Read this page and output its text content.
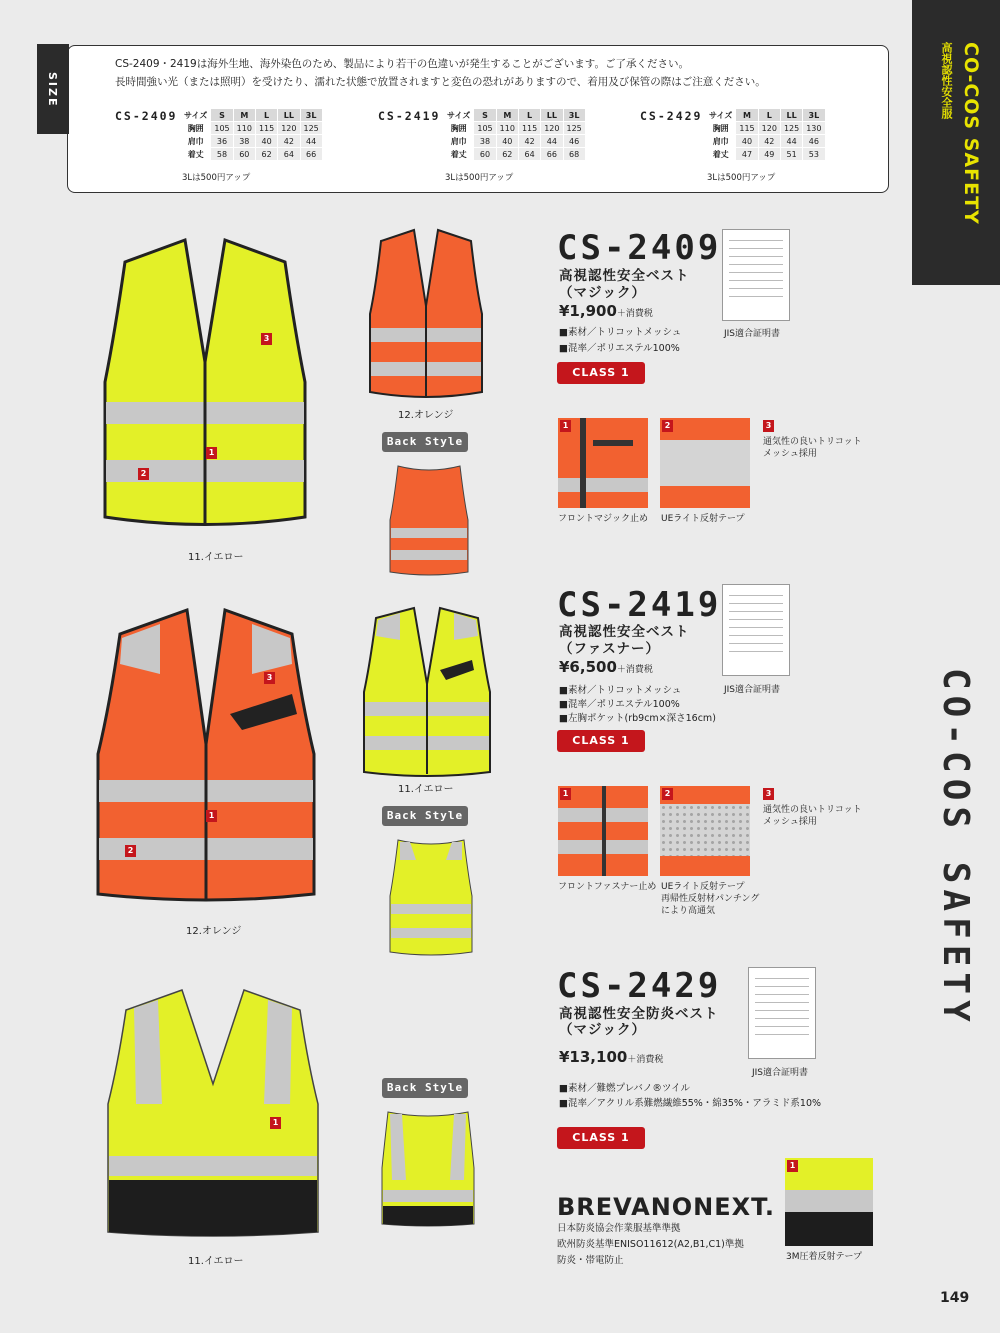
CO-COS SAFETY
高視認性安全服
SIZE
CS-2409・2419は海外生地、海外染色のため、製品により若干の色違いが発生することがございます。ご了承ください。
長時間強い光（または照明）を受けたり、濡れた状態で放置されますと変色の恐れがありますので、着用及び保管の際はご注意ください。
CS-2409	CS-2419	CS-2429
サイズ	S	M	L	LL	3L
胸囲	105	110	115	120	125
肩巾	36	38	40	42	44
着丈	58	60	62	64	66
サイズ	S	M	L	LL	3L
胸囲	105	110	115	120	125
肩巾	38	40	42	44	46
着丈	60	62	64	66	68
サイズ	M	L	LL	3L
胸囲	115	120	125	130
肩巾	40	42	44	46
着丈	47	49	51	53
3Lは500円アップ	3Lは500円アップ	3Lは500円アップ
3
1
2
11.イエロー
12.オレンジ
Back Style
CS-2409
高視認性安全ベスト
（マジック）
¥1,900＋消費税
■素材／トリコットメッシュ
■混率／ポリエステル100%
CLASS 1
JIS適合証明書
1
フロントマジック止め
2
UEライト反射テープ
3
通気性の良いトリコット
メッシュ採用
3
1
2
12.オレンジ
11.イエロー
Back Style
CS-2419
高視認性安全ベスト
（ファスナー）
¥6,500＋消費税
■素材／トリコットメッシュ
■混率／ポリエステル100%
■左胸ポケット(rb9cm×深さ16cm)
CLASS 1
JIS適合証明書
1
フロントファスナー止め
2
UEライト反射テープ
再帰性反射材パンチング
により高通気
3
通気性の良いトリコット
メッシュ採用
1
11.イエロー
Back Style
CS-2429
高視認性安全防炎ベスト
（マジック）
¥13,100＋消費税
■素材／難燃プレバノ®ツイル
■混率／アクリル系難燃繊維55%・綿35%・アラミド系10%
CLASS 1
JIS適合証明書
BREVANONEXT.
日本防炎協会作業服基準準拠
欧州防炎基準ENISO11612(A2,B1,C1)準拠
防炎・帯電防止
1
3M圧着反射テープ
CO-COS SAFETY
149
